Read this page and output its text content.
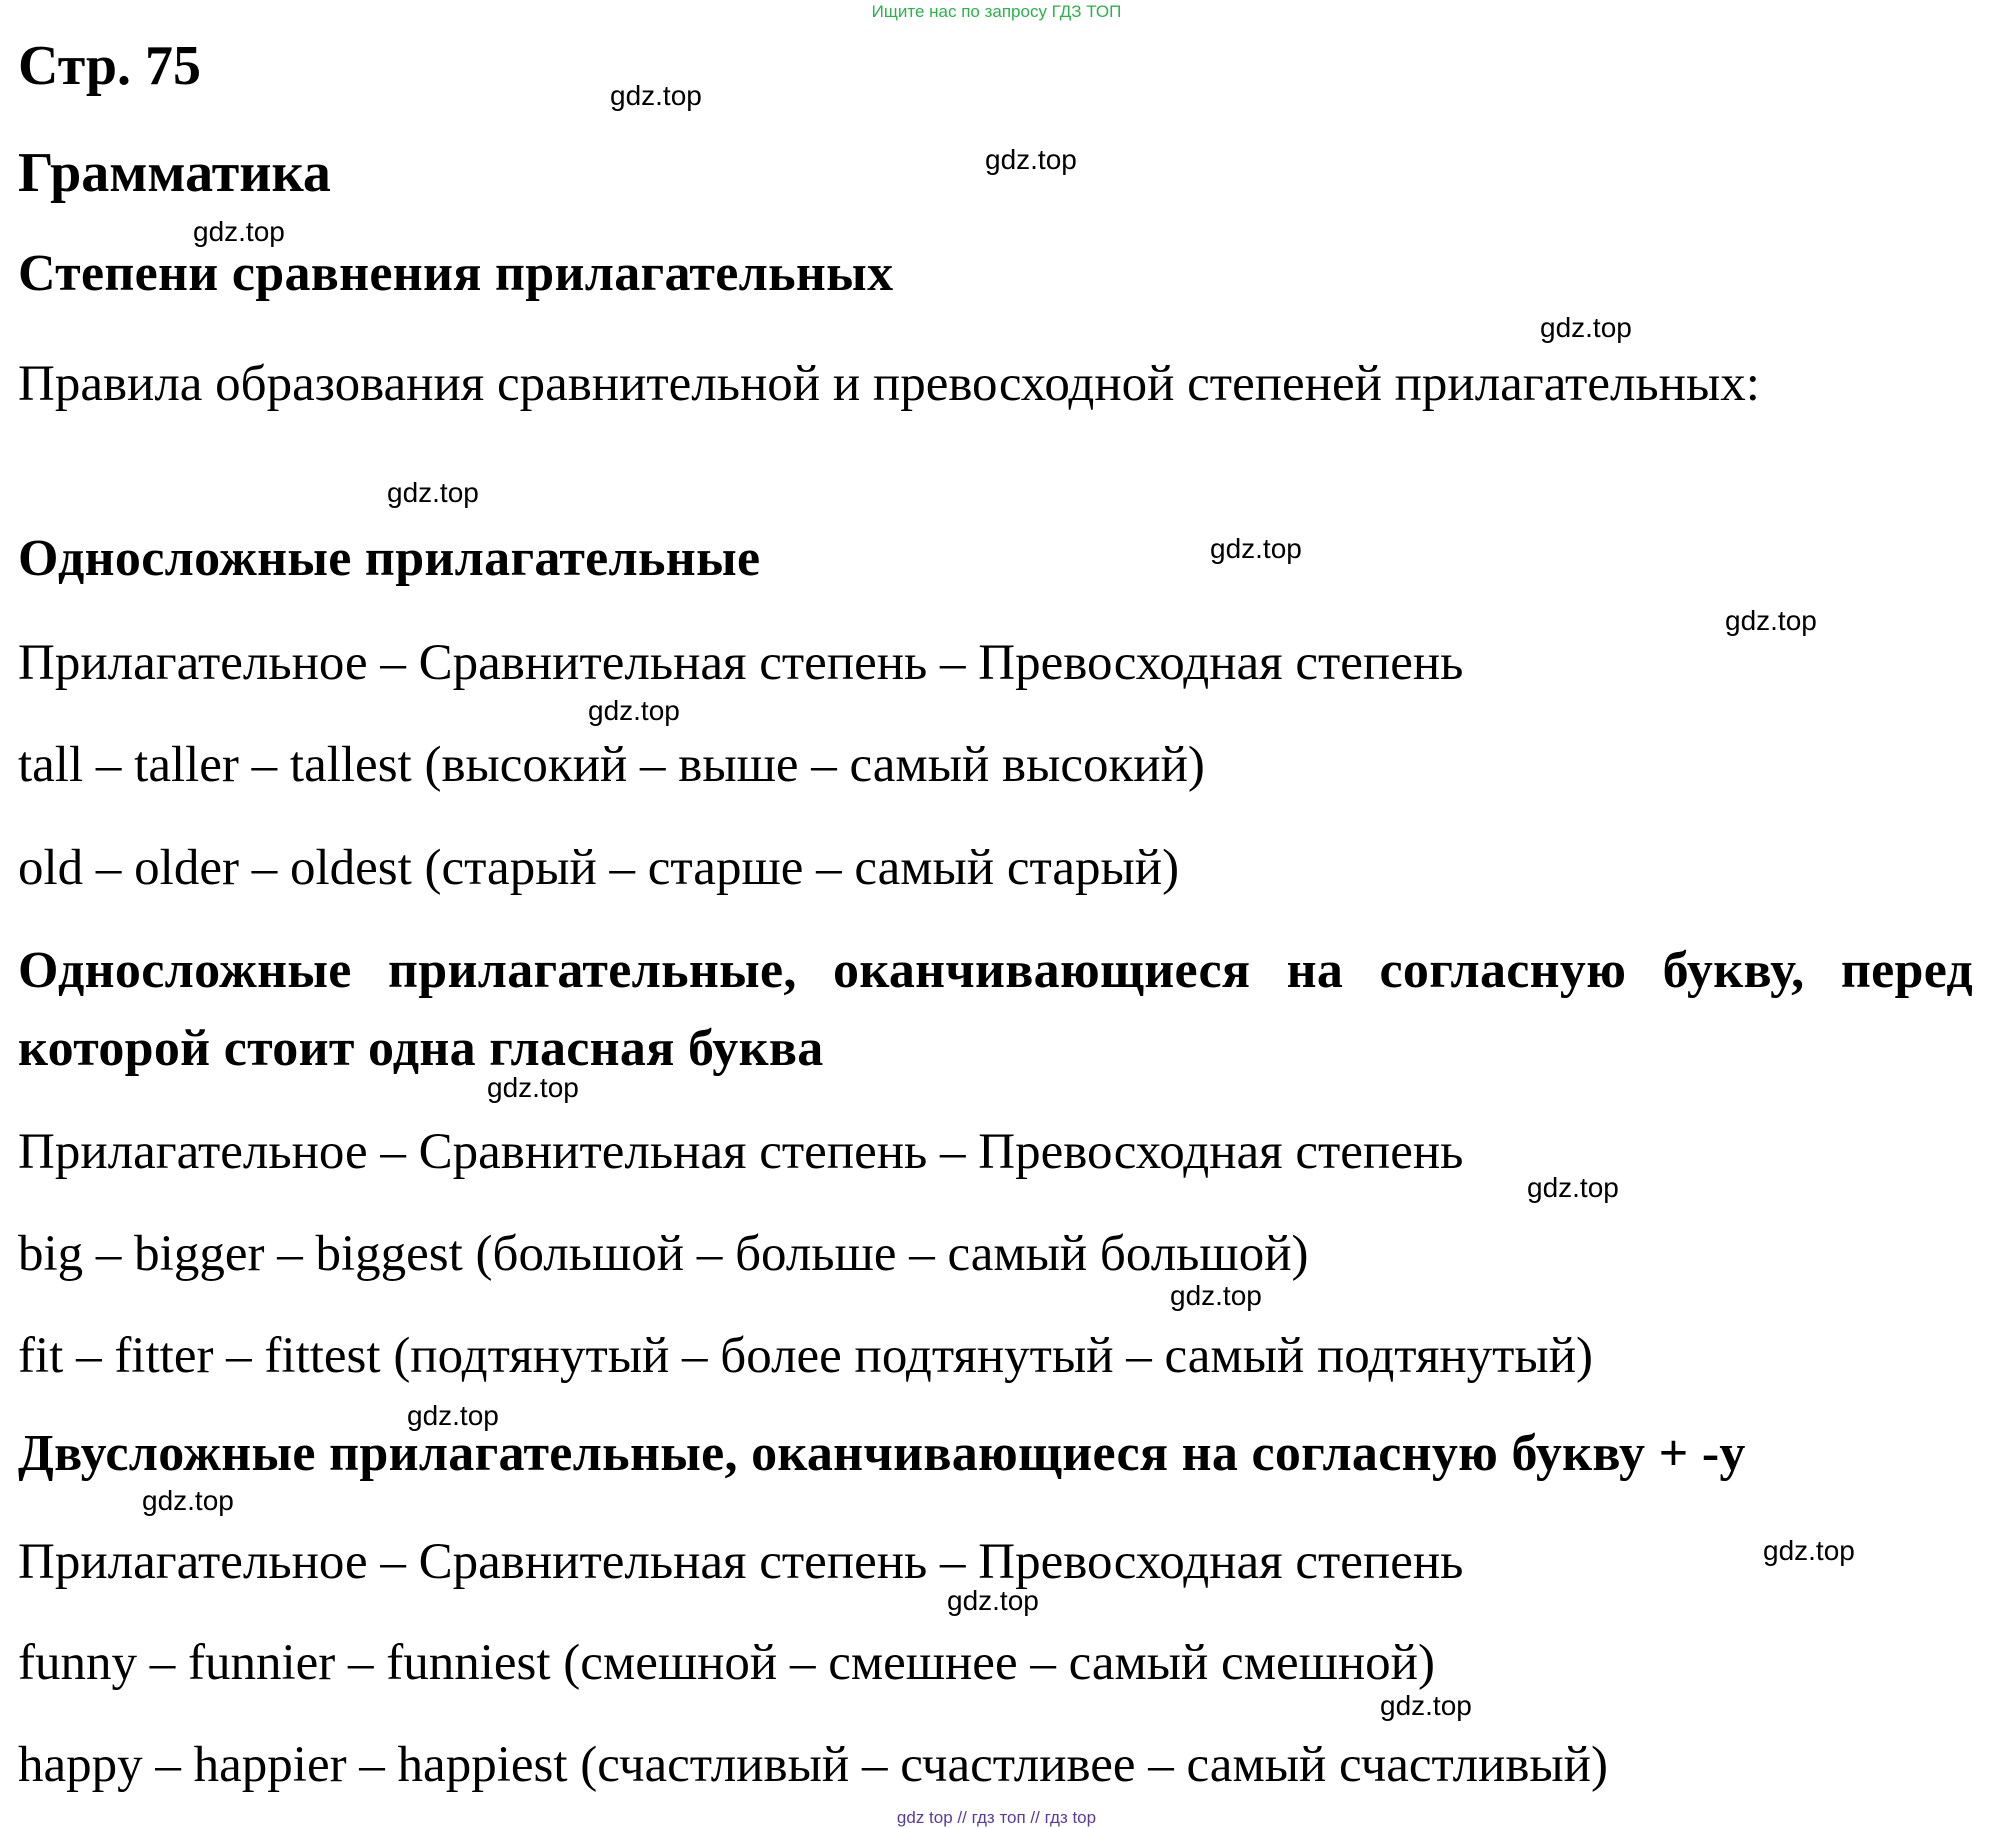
Ищите нас по запросу ГДЗ ТОП
Стр. 75
Грамматика
Степени сравнения прилагательных
Правила образования сравнительной и превосходной степеней прилагательных:
Односложные прилагательные
Прилагательное – Сравнительная степень – Превосходная степень
tall – taller – tallest (высокий – выше – самый высокий)
old – older – oldest (старый – старше – самый старый)
Односложные прилагательные, оканчивающиеся на согласную букву, перед которой стоит одна гласная буква
Прилагательное – Сравнительная степень – Превосходная степень
big – bigger – biggest (большой – больше – самый большой)
fit – fitter – fittest (подтянутый – более подтянутый – самый подтянутый)
Двусложные прилагательные, оканчивающиеся на согласную букву + -y
Прилагательное – Сравнительная степень – Превосходная степень
funny – funnier – funniest (смешной – смешнее – самый смешной)
happy – happier – happiest (счастливый – счастливее – самый счастливый)
gdz.top
gdz.top
gdz.top
gdz.top
gdz.top
gdz.top
gdz.top
gdz.top
gdz.top
gdz.top
gdz.top
gdz.top
gdz.top
gdz.top
gdz.top
gdz.top
gdz top // гдз топ // гдз top
